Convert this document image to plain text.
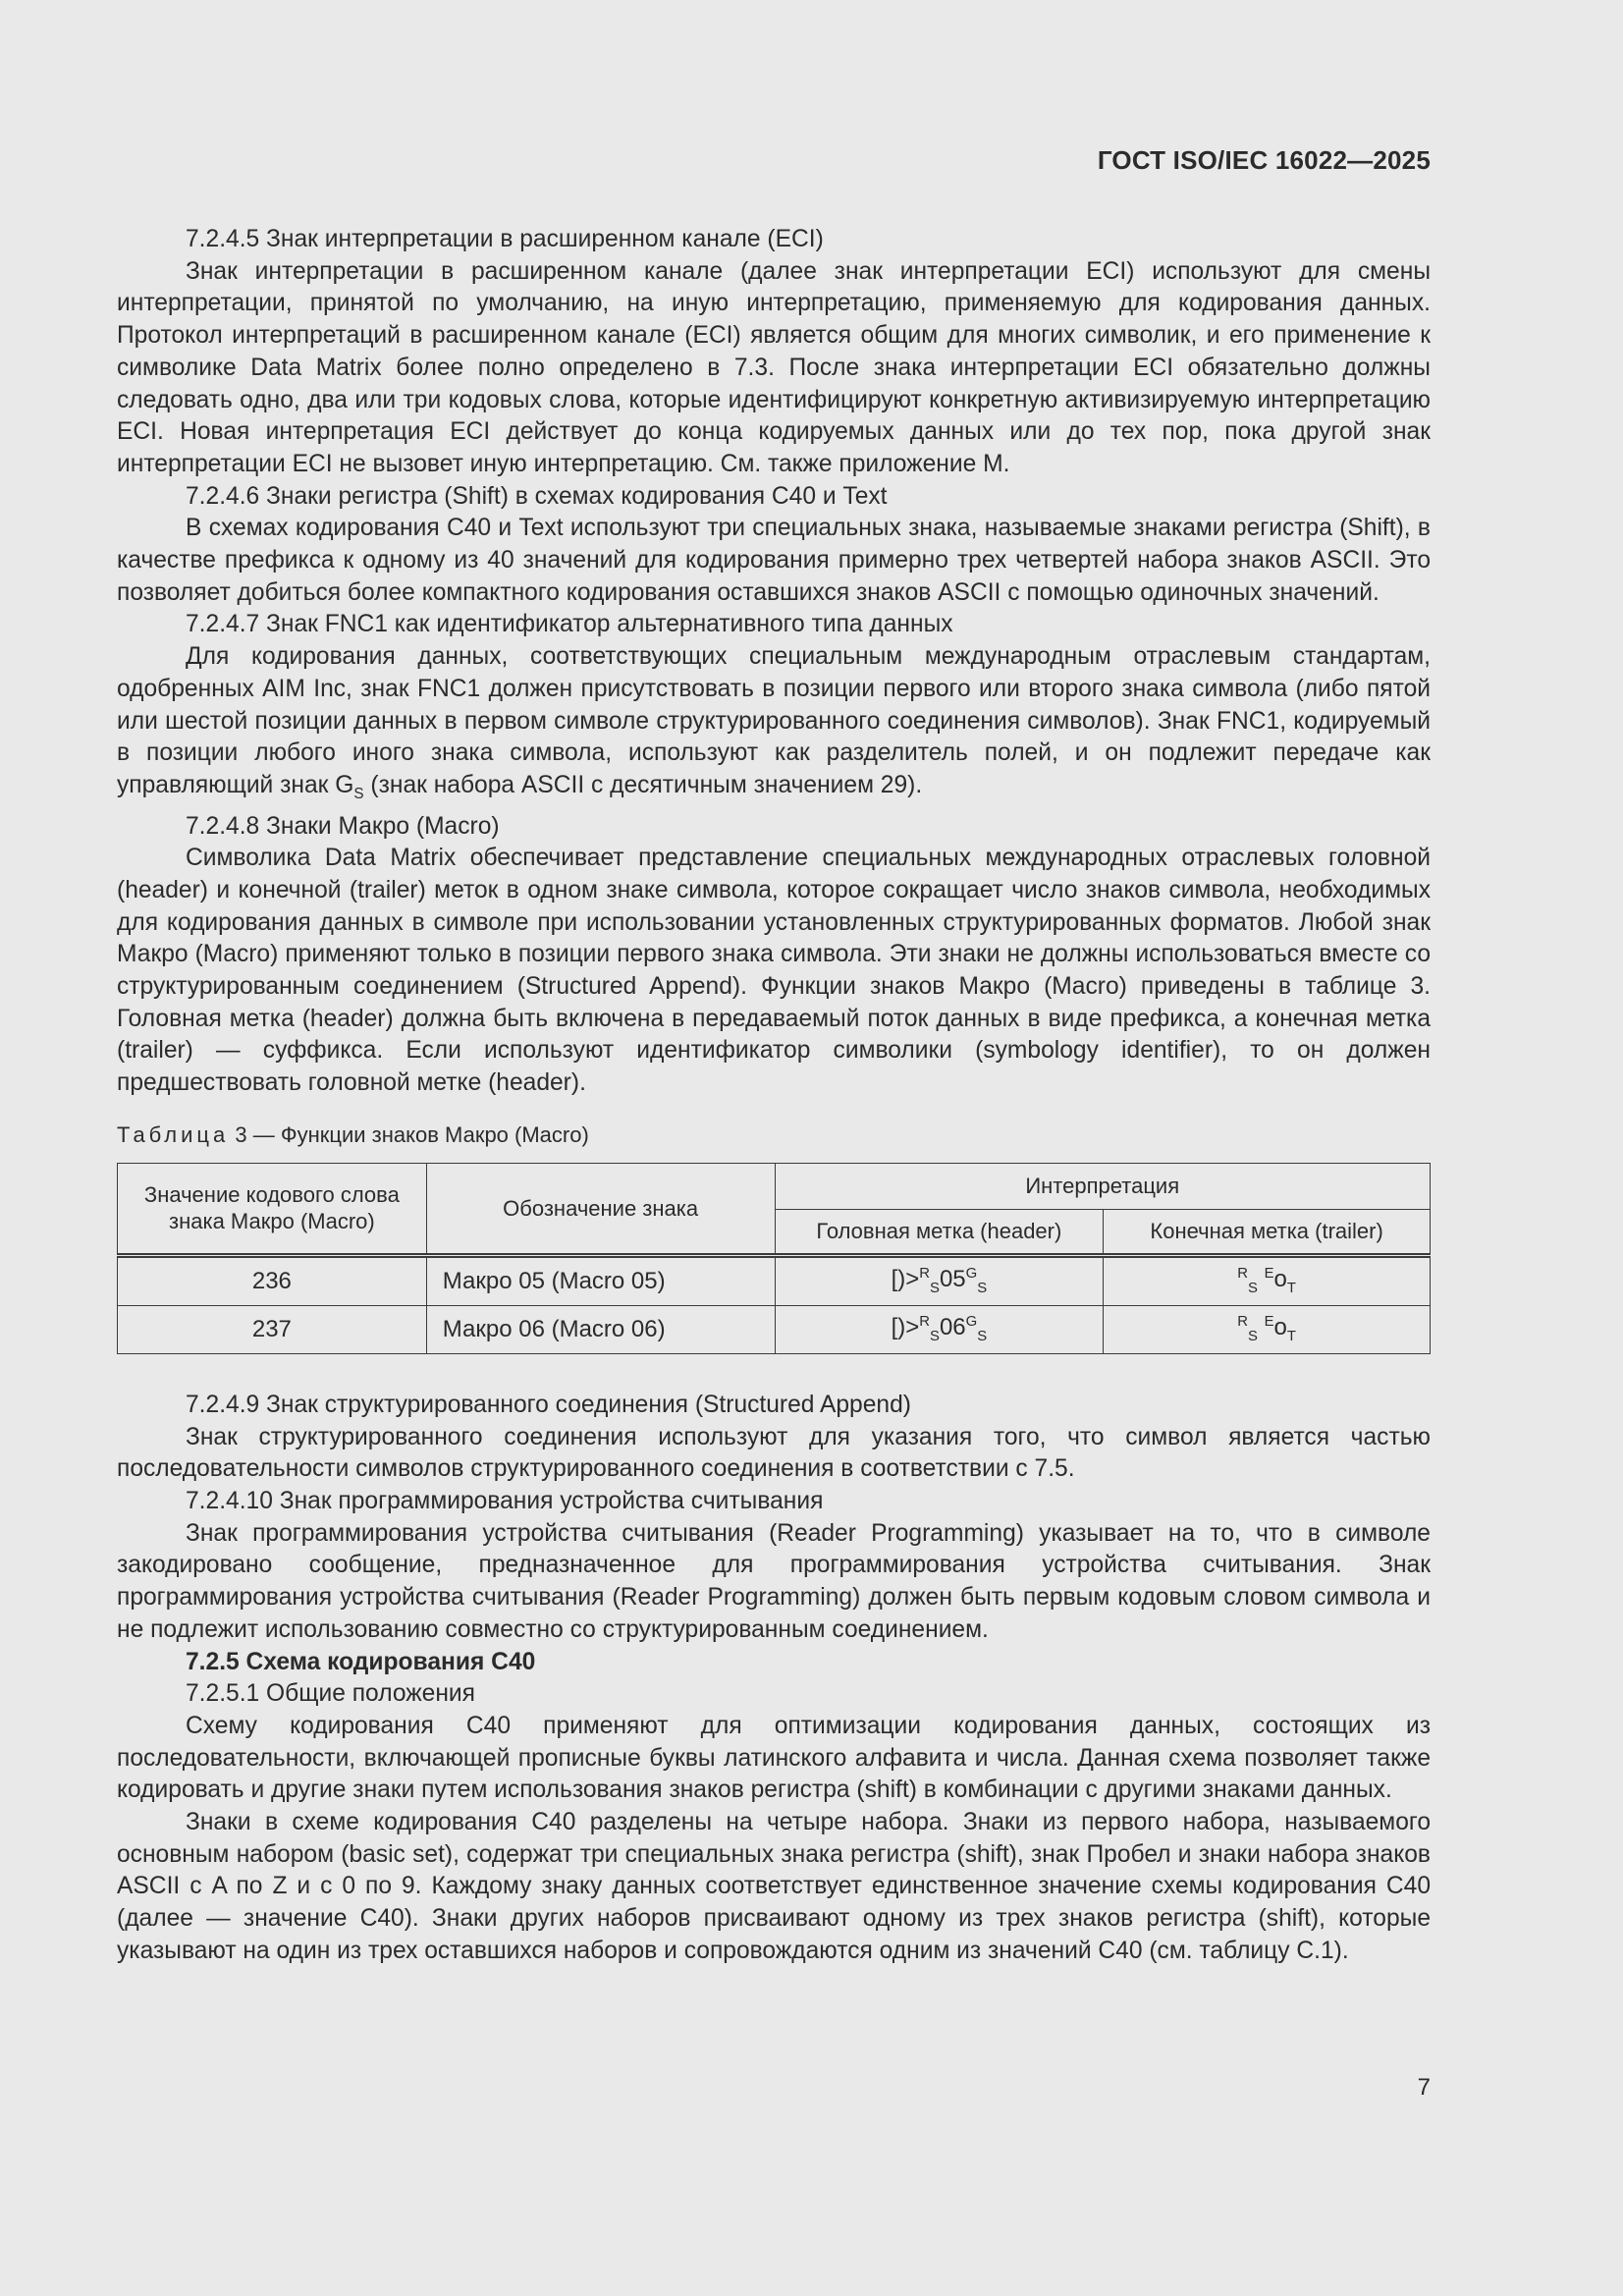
ГОСТ ISO/IEC 16022—2025

7.2.4.5 Знак интерпретации в расширенном канале (ECI)

Знак интерпретации в расширенном канале (далее знак интерпретации ECI) используют для смены интерпретации, принятой по умолчанию, на иную интерпретацию, применяемую для кодирования данных. Протокол интерпретаций в расширенном канале (ECI) является общим для многих символик, и его применение к символике Data Matrix более полно определено в 7.3. После знака интерпретации ECI обязательно должны следовать одно, два или три кодовых слова, которые идентифицируют конкретную активизируемую интерпретацию ECI. Новая интерпретация ECI действует до конца кодируемых данных или до тех пор, пока другой знак интерпретации ECI не вызовет иную интерпретацию. См. также приложение М.

7.2.4.6 Знаки регистра (Shift) в схемах кодирования C40 и Text

В схемах кодирования C40 и Text используют три специальных знака, называемые знаками регистра (Shift), в качестве префикса к одному из 40 значений для кодирования примерно трех четвертей набора знаков ASCII. Это позволяет добиться более компактного кодирования оставшихся знаков ASCII с помощью одиночных значений.

7.2.4.7 Знак FNC1 как идентификатор альтернативного типа данных

Для кодирования данных, соответствующих специальным международным отраслевым стандартам, одобренных AIM Inc, знак FNC1 должен присутствовать в позиции первого или второго знака символа (либо пятой или шестой позиции данных в первом символе структурированного соединения символов). Знак FNC1, кодируемый в позиции любого иного знака символа, используют как разделитель полей, и он подлежит передаче как управляющий знак $G_S$ (знак набора ASCII с десятичным значением 29).

7.2.4.8 Знаки Макро (Macro)

Символика Data Matrix обеспечивает представление специальных международных отраслевых головной (header) и конечной (trailer) меток в одном знаке символа, которое сокращает число знаков символа, необходимых для кодирования данных в символе при использовании установленных структурированных форматов. Любой знак Макро (Macro) применяют только в позиции первого знака символа. Эти знаки не должны использоваться вместе со структурированным соединением (Structured Append). Функции знаков Макро (Macro) приведены в таблице 3. Головная метка (header) должна быть включена в передаваемый поток данных в виде префикса, а конечная метка (trailer) — суффикса. Если используют идентификатор символики (symbology identifier), то он должен предшествовать головной метке (header).

Таблица 3 — Функции знаков Макро (Macro)

Значение кодового слова знака Макро (Macro)	Обозначение знака	Интерпретация	
		Головная метка (header)	Конечная метка (trailer)
236	Макро 05 (Macro 05)	$[)>^R_S05^G_S$	$^R_S$ $^Eo_T$
237	Макро 06 (Macro 06)	$[)>^R_S06^G_S$	$^R_S$ $^Eo_T$

7.2.4.9 Знак структурированного соединения (Structured Append)

Знак структурированного соединения используют для указания того, что символ является частью последовательности символов структурированного соединения в соответствии с 7.5.

7.2.4.10 Знак программирования устройства считывания

Знак программирования устройства считывания (Reader Programming) указывает на то, что в символе закодировано сообщение, предназначенное для программирования устройства считывания. Знак программирования устройства считывания (Reader Programming) должен быть первым кодовым словом символа и не подлежит использованию совместно со структурированным соединением.

7.2.5 Схема кодирования C40

7.2.5.1 Общие положения

Схему кодирования C40 применяют для оптимизации кодирования данных, состоящих из последовательности, включающей прописные буквы латинского алфавита и числа. Данная схема позволяет также кодировать и другие знаки путем использования знаков регистра (shift) в комбинации с другими знаками данных.

Знаки в схеме кодирования C40 разделены на четыре набора. Знаки из первого набора, называемого основным набором (basic set), содержат три специальных знака регистра (shift), знак Пробел и знаки набора знаков ASCII с A по Z и с 0 по 9. Каждому знаку данных соответствует единственное значение схемы кодирования C40 (далее — значение C40). Знаки других наборов присваивают одному из трех знаков регистра (shift), которые указывают на один из трех оставшихся наборов и сопровождаются одним из значений C40 (см. таблицу C.1).

7
